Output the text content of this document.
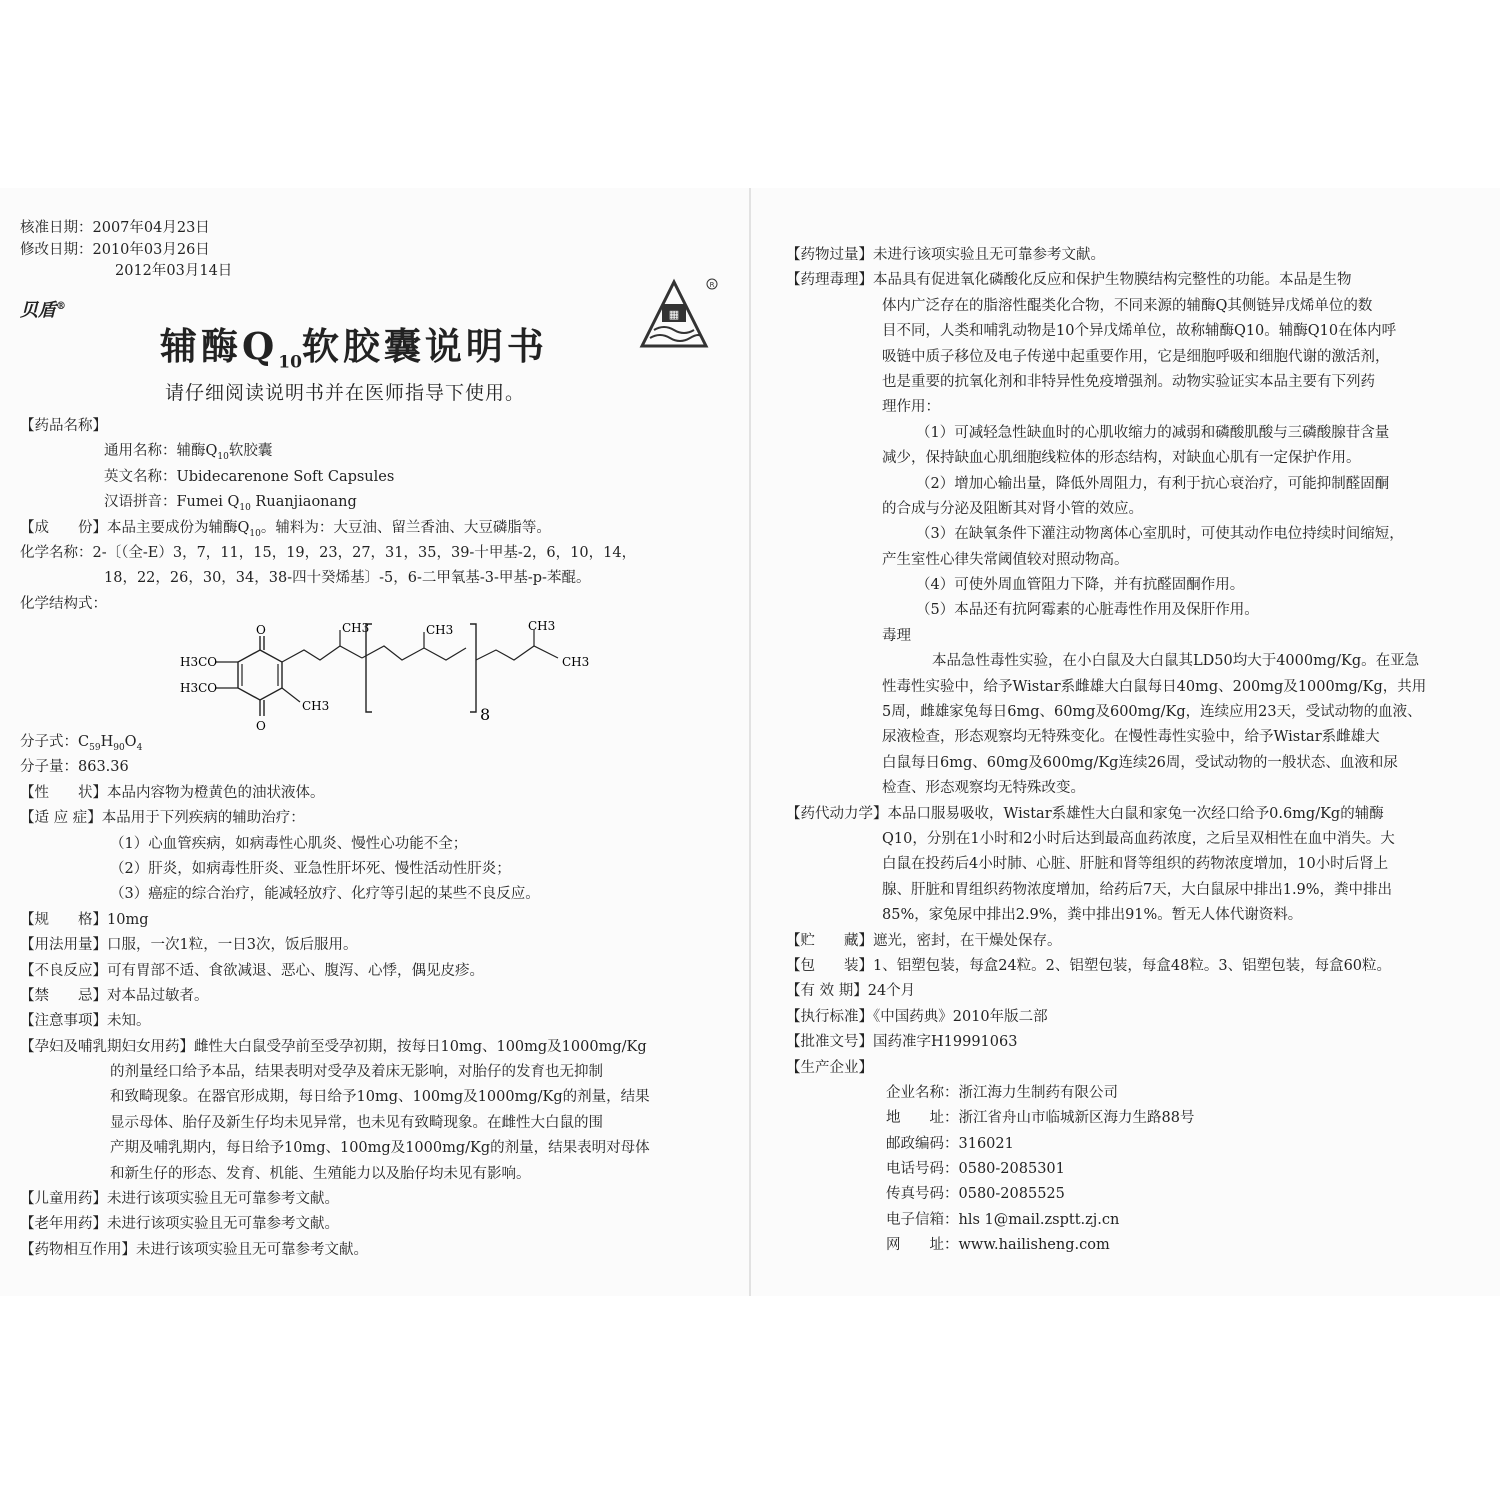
核准日期：2007年04月23日
修改日期：2010年03月26日
2012年03月14日
贝盾®
▦
R
辅酶$Q_{10}$软胶囊说明书
请仔细阅读说明书并在医师指导下使用。
【药品名称】
通用名称：辅酶$Q_{10}$软胶囊
英文名称：Ubidecarenone Soft Capsules
汉语拼音：Fumei $Q_{10}$ Ruanjiaonang
【成　　份】本品主要成份为辅酶$Q_{10}$。辅料为：大豆油、留兰香油、大豆磷脂等。
化学名称：2-〔（全-E）3，7，11，15，19，23，27，31，35，39-十甲基-2，6，10，14，
18，22，26，30，34，38-四十癸烯基〕-5，6-二甲氧基-3-甲基-p-苯醌。
化学结构式：
O
O
H3CO
H3CO
CH3
CH3	CH3
8
CH3
CH3
分子式：$C_{59}H_{90}O_4$
分子量：863.36
【性　　状】本品内容物为橙黄色的油状液体。
【适 应 症】本品用于下列疾病的辅助治疗：
（1）心血管疾病，如病毒性心肌炎、慢性心功能不全；
（2）肝炎，如病毒性肝炎、亚急性肝坏死、慢性活动性肝炎；
（3）癌症的综合治疗，能减轻放疗、化疗等引起的某些不良反应。
【规　　格】10mg
【用法用量】口服，一次1粒，一日3次，饭后服用。
【不良反应】可有胃部不适、食欲减退、恶心、腹泻、心悸，偶见皮疹。
【禁　　忌】对本品过敏者。
【注意事项】未知。
【孕妇及哺乳期妇女用药】雌性大白鼠受孕前至受孕初期，按每日10mg、100mg及1000mg/Kg
的剂量经口给予本品，结果表明对受孕及着床无影响，对胎仔的发育也无抑制
和致畸现象。在器官形成期，每日给予10mg、100mg及1000mg/Kg的剂量，结果
显示母体、胎仔及新生仔均未见异常，也未见有致畸现象。在雌性大白鼠的围
产期及哺乳期内，每日给予10mg、100mg及1000mg/Kg的剂量，结果表明对母体
和新生仔的形态、发育、机能、生殖能力以及胎仔均未见有影响。
【儿童用药】未进行该项实验且无可靠参考文献。
【老年用药】未进行该项实验且无可靠参考文献。
【药物相互作用】未进行该项实验且无可靠参考文献。
【药物过量】未进行该项实验且无可靠参考文献。
【药理毒理】本品具有促进氧化磷酸化反应和保护生物膜结构完整性的功能。本品是生物
体内广泛存在的脂溶性醌类化合物，不同来源的辅酶Q其侧链异戊烯单位的数
目不同，人类和哺乳动物是10个异戊烯单位，故称辅酶Q10。辅酶Q10在体内呼
吸链中质子移位及电子传递中起重要作用，它是细胞呼吸和细胞代谢的激活剂，
也是重要的抗氧化剂和非特异性免疫增强剂。动物实验证实本品主要有下列药
理作用：
（1）可减轻急性缺血时的心肌收缩力的减弱和磷酸肌酸与三磷酸腺苷含量
减少，保持缺血心肌细胞线粒体的形态结构，对缺血心肌有一定保护作用。
（2）增加心输出量，降低外周阻力，有利于抗心衰治疗，可能抑制醛固酮
的合成与分泌及阻断其对肾小管的效应。
（3）在缺氧条件下灌注动物离体心室肌时，可使其动作电位持续时间缩短，
产生室性心律失常阈值较对照动物高。
（4）可使外周血管阻力下降，并有抗醛固酮作用。
（5）本品还有抗阿霉素的心脏毒性作用及保肝作用。
毒理
本品急性毒性实验，在小白鼠及大白鼠其LD50均大于4000mg/Kg。在亚急
性毒性实验中，给予Wistar系雌雄大白鼠每日40mg、200mg及1000mg/Kg，共用
5周，雌雄家兔每日6mg、60mg及600mg/Kg，连续应用23天，受试动物的血液、
尿液检查，形态观察均无特殊变化。在慢性毒性实验中，给予Wistar系雌雄大
白鼠每日6mg、60mg及600mg/Kg连续26周，受试动物的一般状态、血液和尿
检查、形态观察均无特殊改变。
【药代动力学】本品口服易吸收，Wistar系雄性大白鼠和家兔一次经口给予0.6mg/Kg的辅酶
Q10，分别在1小时和2小时后达到最高血药浓度，之后呈双相性在血中消失。大
白鼠在投药后4小时肺、心脏、肝脏和肾等组织的药物浓度增加，10小时后肾上
腺、肝脏和胃组织药物浓度增加，给药后7天，大白鼠尿中排出1.9%，粪中排出
85%，家兔尿中排出2.9%，粪中排出91%。暂无人体代谢资料。
【贮　　藏】遮光，密封，在干燥处保存。
【包　　装】1、铝塑包装，每盒24粒。2、铝塑包装，每盒48粒。3、铝塑包装，每盒60粒。
【有 效 期】24个月
【执行标准】《中国药典》2010年版二部
【批准文号】国药准字H19991063
【生产企业】
企业名称：浙江海力生制药有限公司
地　　址：浙江省舟山市临城新区海力生路88号
邮政编码：316021
电话号码：0580-2085301
传真号码：0580-2085525
电子信箱：hls 1@mail.zsptt.zj.cn
网　　址：www.hailisheng.com
